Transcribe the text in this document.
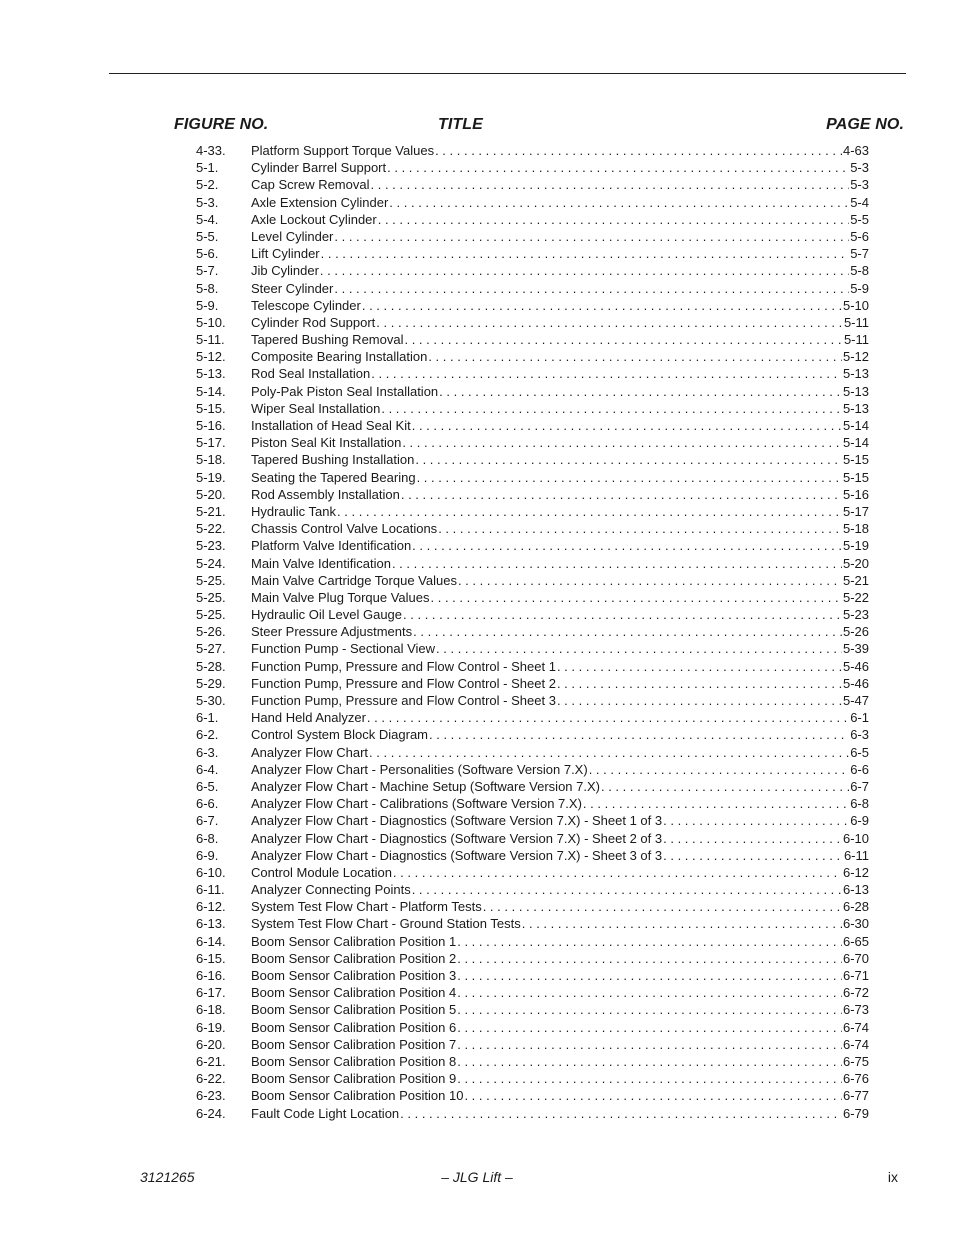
FIGURE NO.	TITLE	PAGE NO.
4-33.	Platform Support Torque Values . . .	4-63
5-1.	Cylinder Barrel Support . . .	5-3
5-2.	Cap Screw Removal . . .	5-3
5-3.	Axle Extension Cylinder . . .	5-4
5-4.	Axle Lockout Cylinder . . .	5-5
5-5.	Level Cylinder . . .	5-6
5-6.	Lift Cylinder . . .	5-7
5-7.	Jib Cylinder . . .	5-8
5-8.	Steer Cylinder . . .	5-9
5-9.	Telescope Cylinder . . .	5-10
5-10.	Cylinder Rod Support . . .	5-11
5-11.	Tapered Bushing Removal . . .	5-11
5-12.	Composite Bearing Installation . . .	5-12
5-13.	Rod Seal Installation . . .	5-13
5-14.	Poly-Pak Piston Seal Installation . . .	5-13
5-15.	Wiper Seal Installation . . .	5-13
5-16.	Installation of Head Seal Kit . . .	5-14
5-17.	Piston Seal Kit Installation . . .	5-14
5-18.	Tapered Bushing Installation . . .	5-15
5-19.	Seating the Tapered Bearing . . .	5-15
5-20.	Rod Assembly Installation . . .	5-16
5-21.	Hydraulic Tank . . .	5-17
5-22.	Chassis Control Valve Locations . . .	5-18
5-23.	Platform Valve Identification . . .	5-19
5-24.	Main Valve Identification . . .	5-20
5-25.	Main Valve Cartridge Torque Values . . .	5-21
5-25.	Main Valve Plug Torque Values . . .	5-22
5-25.	Hydraulic Oil Level Gauge . . .	5-23
5-26.	Steer Pressure Adjustments . . .	5-26
5-27.	Function Pump - Sectional View . . .	5-39
5-28.	Function Pump, Pressure and Flow Control - Sheet 1 . . .	5-46
5-29.	Function Pump, Pressure and Flow Control - Sheet 2 . . .	5-46
5-30.	Function Pump, Pressure and Flow Control - Sheet 3 . . .	5-47
6-1.	Hand Held Analyzer . . .	6-1
6-2.	Control System Block Diagram . . .	6-3
6-3.	Analyzer Flow Chart . . .	6-5
6-4.	Analyzer Flow Chart - Personalities (Software Version 7.X) . . .	6-6
6-5.	Analyzer Flow Chart - Machine Setup (Software Version 7.X) . . .	6-7
6-6.	Analyzer Flow Chart - Calibrations (Software Version 7.X) . . .	6-8
6-7.	Analyzer Flow Chart - Diagnostics (Software Version 7.X) - Sheet 1 of 3 . . .	6-9
6-8.	Analyzer Flow Chart - Diagnostics (Software Version 7.X) - Sheet 2 of 3 . . .	6-10
6-9.	Analyzer Flow Chart - Diagnostics (Software Version 7.X) - Sheet 3 of 3 . . .	6-11
6-10.	Control Module Location . . .	6-12
6-11.	Analyzer Connecting Points . . .	6-13
6-12.	System Test Flow Chart - Platform Tests . . .	6-28
6-13.	System Test Flow Chart - Ground Station Tests . . .	6-30
6-14.	Boom Sensor Calibration Position 1 . . .	6-65
6-15.	Boom Sensor Calibration Position 2 . . .	6-70
6-16.	Boom Sensor Calibration Position 3 . . .	6-71
6-17.	Boom Sensor Calibration Position 4 . . .	6-72
6-18.	Boom Sensor Calibration Position 5 . . .	6-73
6-19.	Boom Sensor Calibration Position 6 . . .	6-74
6-20.	Boom Sensor Calibration Position 7 . . .	6-74
6-21.	Boom Sensor Calibration Position 8 . . .	6-75
6-22.	Boom Sensor Calibration Position 9 . . .	6-76
6-23.	Boom Sensor Calibration Position 10 . . .	6-77
6-24.	Fault Code Light Location . . .	6-79
3121265	– JLG Lift –	ix
